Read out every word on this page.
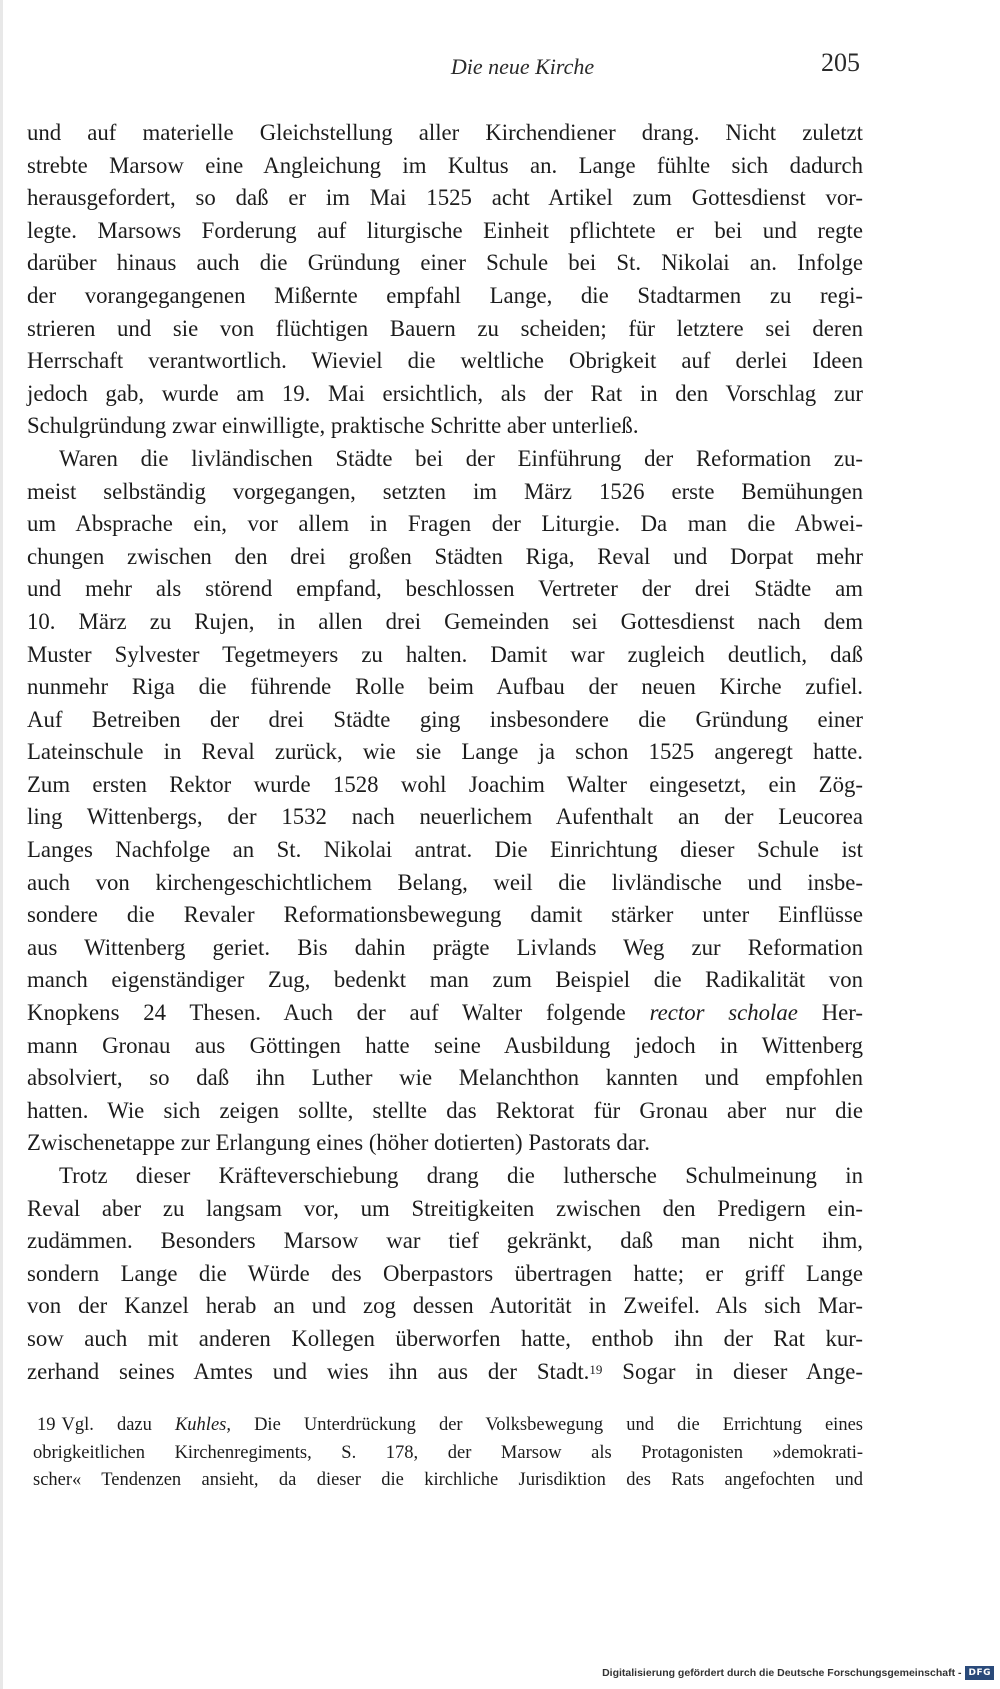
Die neue Kirche	205
und auf materielle Gleichstellung aller Kirchendiener drang. Nicht zuletzt
strebte Marsow eine Angleichung im Kultus an. Lange fühlte sich dadurch
herausgefordert, so daß er im Mai 1525 acht Artikel zum Gottesdienst vor-
legte. Marsows Forderung auf liturgische Einheit pflichtete er bei und regte
darüber hinaus auch die Gründung einer Schule bei St. Nikolai an. Infolge
der vorangegangenen Mißernte empfahl Lange, die Stadtarmen zu regi-
strieren und sie von flüchtigen Bauern zu scheiden; für letztere sei deren
Herrschaft verantwortlich. Wieviel die weltliche Obrigkeit auf derlei Ideen
jedoch gab, wurde am 19. Mai ersichtlich, als der Rat in den Vorschlag zur
Schulgründung zwar einwilligte, praktische Schritte aber unterließ.
Waren die livländischen Städte bei der Einführung der Reformation zu-
meist selbständig vorgegangen, setzten im März 1526 erste Bemühungen
um Absprache ein, vor allem in Fragen der Liturgie. Da man die Abwei-
chungen zwischen den drei großen Städten Riga, Reval und Dorpat mehr
und mehr als störend empfand, beschlossen Vertreter der drei Städte am
10. März zu Rujen, in allen drei Gemeinden sei Gottesdienst nach dem
Muster Sylvester Tegetmeyers zu halten. Damit war zugleich deutlich, daß
nunmehr Riga die führende Rolle beim Aufbau der neuen Kirche zufiel.
Auf Betreiben der drei Städte ging insbesondere die Gründung einer
Lateinschule in Reval zurück, wie sie Lange ja schon 1525 angeregt hatte.
Zum ersten Rektor wurde 1528 wohl Joachim Walter eingesetzt, ein Zög-
ling Wittenbergs, der 1532 nach neuerlichem Aufenthalt an der Leucorea
Langes Nachfolge an St. Nikolai antrat. Die Einrichtung dieser Schule ist
auch von kirchengeschichtlichem Belang, weil die livländische und insbe-
sondere die Revaler Reformationsbewegung damit stärker unter Einflüsse
aus Wittenberg geriet. Bis dahin prägte Livlands Weg zur Reformation
manch eigenständiger Zug, bedenkt man zum Beispiel die Radikalität von
Knopkens 24 Thesen. Auch der auf Walter folgende rector scholae Her-
mann Gronau aus Göttingen hatte seine Ausbildung jedoch in Wittenberg
absolviert, so daß ihn Luther wie Melanchthon kannten und empfohlen
hatten. Wie sich zeigen sollte, stellte das Rektorat für Gronau aber nur die
Zwischenetappe zur Erlangung eines (höher dotierten) Pastorats dar.
Trotz dieser Kräfteverschiebung drang die luthersche Schulmeinung in
Reval aber zu langsam vor, um Streitigkeiten zwischen den Predigern ein-
zudämmen. Besonders Marsow war tief gekränkt, daß man nicht ihm,
sondern Lange die Würde des Oberpastors übertragen hatte; er griff Lange
von der Kanzel herab an und zog dessen Autorität in Zweifel. Als sich Mar-
sow auch mit anderen Kollegen überworfen hatte, enthob ihn der Rat kur-
zerhand seines Amtes und wies ihn aus der Stadt.$^{19}$ Sogar in dieser Ange-
19 Vgl. dazu Kuhles, Die Unterdrückung der Volksbewegung und die Errichtung eines
obrigkeitlichen Kirchenregiments, S. 178, der Marsow als Protagonisten »demokrati-
scher« Tendenzen ansieht, da dieser die kirchliche Jurisdiktion des Rats angefochten und
Digitalisierung gefördert durch die Deutsche Forschungsgemeinschaft - DFG
